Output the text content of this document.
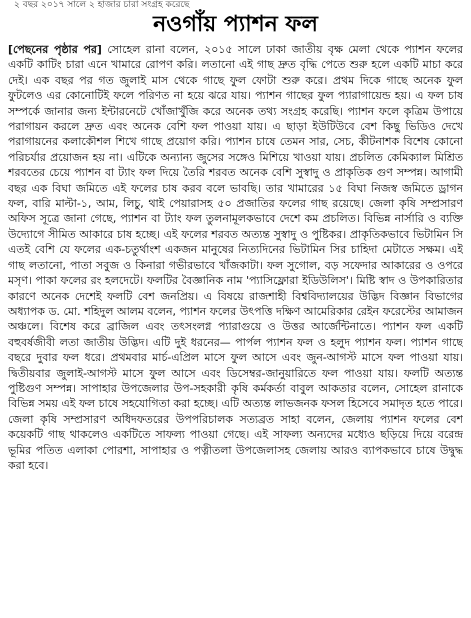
২ বছর ২০১৭ সালে ২ হাজার চারা সংগ্রহ করেছে
নওগাঁয় প্যাশন ফল
[পেছনের পৃষ্ঠার পর] সোহেল রানা বলেন, ২০১৫ সালে ঢাকা জাতীয় বৃক্ষ মেলা থেকে প্যাশন ফলের একটি কাটিং চারা এনে খামারে রোপণ করি। লতানো এই গাছ দ্রুত বৃদ্ধি পেতে শুরু হলে একটি মাচা করে দেই। এক বছর পর গত জুলাই মাস থেকে গাছে ফুল ফোটা শুরু করে। প্রথম দিকে গাছে অনেক ফুল ফুটলেও এর কোনোটিই ফলে পরিণত না হয়ে ঝরে যায়। প্যাশন গাছের ফুল প্যারাগায়েন্ড হয়। এ ফল চাষ সম্পর্কে জানার জন্য ইন্টারনেটে খোঁজাখুঁজি করে অনেক তথ্য সংগ্রহ করেছি। প্যাশন ফলে কৃত্রিম উপায়ে পরাগায়ন করলে দ্রুত এবং অনেক বেশি ফল পাওয়া যায়। এ ছাড়া ইউটিউবে বেশ কিছু ভিডিও দেখে পরাগায়নের কলাকৌশল শিখে গাছে প্রয়োগ করি। প্যাশন চাষে তেমন সার, সেচ, কীটনাশক বিশেষ কোনো পরিচর্যার প্রয়োজন হয় না। এটিকে অন্যান্য জুসের সঙ্গেও মিশিয়ে খাওয়া যায়। প্রচলিত কেমিক্যাল মিশ্রিত শরবতের চেয়ে প্যাশন বা ট্যাং ফল দিয়ে তৈরি শরবত অনেক বেশি সুস্বাদু ও প্রাকৃতিক গুণ সম্পন্ন। আগামী বছর এক বিঘা জমিতে এই ফলের চাষ করব বলে ভাবছি। তার খামারের ১৫ বিঘা নিজস্ব জমিতে ড্রাগন ফল, বারি মাল্টা-১, আম, লিচু, থাই পেয়ারাসহ ৫০ প্রজাতির ফলের গাছ রয়েছে। জেলা কৃষি সম্প্রসারণ অফিস সূত্রে জানা গেছে, প্যাশন বা ট্যাং ফল তুলনামূলকভাবে দেশে কম প্রচলিত। বিভিন্ন নার্সারি ও ব্যক্তি উদ্যোগে সীমিত আকারে চাষ হচ্ছে। এই ফলের শরবত অত্যন্ত সুস্বাদু ও পুষ্টিকর। প্রাকৃতিকভাবে ভিটামিন সি এতই বেশি যে ফলের এক-চতুর্থাংশ একজন মানুষের নিত্যদিনের ভিটামিন সির চাহিদা মেটাতে সক্ষম। এই গাছ লতানো, পাতা সবুজ ও কিনারা গভীরভাবে খাঁজকাটা। ফল সুগোল, বড় সফেদার আকারের ও ওপরে মসৃণ। পাকা ফলের রং হলদেটে। ফলটির বৈজ্ঞানিক নাম 'প্যাসিফ্লোরা ইডিউলিস'। মিষ্টি স্বাদ ও উপকারিতার কারণে অনেক দেশেই ফলটি বেশ জনপ্রিয়। এ বিষয়ে রাজশাহী বিশ্ববিদ্যালয়ের উদ্ভিদ বিজ্ঞান বিভাগের অধ্যাপক ড. মো. শহিদুল আলম বলেন, প্যাশন ফলের উৎপত্তি দক্ষিণ আমেরিকার রেইন ফরেস্টের আমাজন অঞ্চলে। বিশেষ করে ব্রাজিল এবং তৎসংলগ্ন প্যারাগুয়ে ও উত্তর আর্জেন্টিনাতে। প্যাশন ফল একটি বহুবর্ষজীবী লতা জাতীয় উদ্ভিদ। এটি দুই ধরনের— পার্পল প্যাশন ফল ও হলুদ প্যাশন ফল। প্যাশন গাছে বছরে দুবার ফল ধরে। প্রথমবার মার্চ-এপ্রিল মাসে ফুল আসে এবং জুন-আগস্ট মাসে ফল পাওয়া যায়। দ্বিতীয়বার জুলাই-আগস্ট মাসে ফুল আসে এবং ডিসেম্বর-জানুয়ারিতে ফল পাওয়া যায়। ফলটি অত্যন্ত পুষ্টিগুণ সম্পন্ন। সাপাহার উপজেলার উপ-সহকারী কৃষি কর্মকর্তা বাবুল আকতার বলেন, সোহেল রানাকে বিভিন্ন সময় এই ফল চাষে সহযোগিতা করা হচ্ছে। এটি অত্যন্ত লাভজনক ফসল হিসেবে সমাদৃত হতে পারে। জেলা কৃষি সম্প্রসারণ অধিদফতরের উপপরিচালক সত্যব্রত সাহা বলেন, জেলায় প্যাশন ফলের বেশ কয়েকটি গাছ থাকলেও একটিতে সাফল্য পাওয়া গেছে। এই সাফল্য অন্যদের মধ্যেও ছড়িয়ে দিয়ে বরেন্দ্র ভূমির পতিত এলাকা পোরশা, সাপাহার ও পত্নীতলা উপজেলাসহ জেলায় আরও ব্যাপকভাবে চাষে উদ্বুদ্ধ করা হবে।
